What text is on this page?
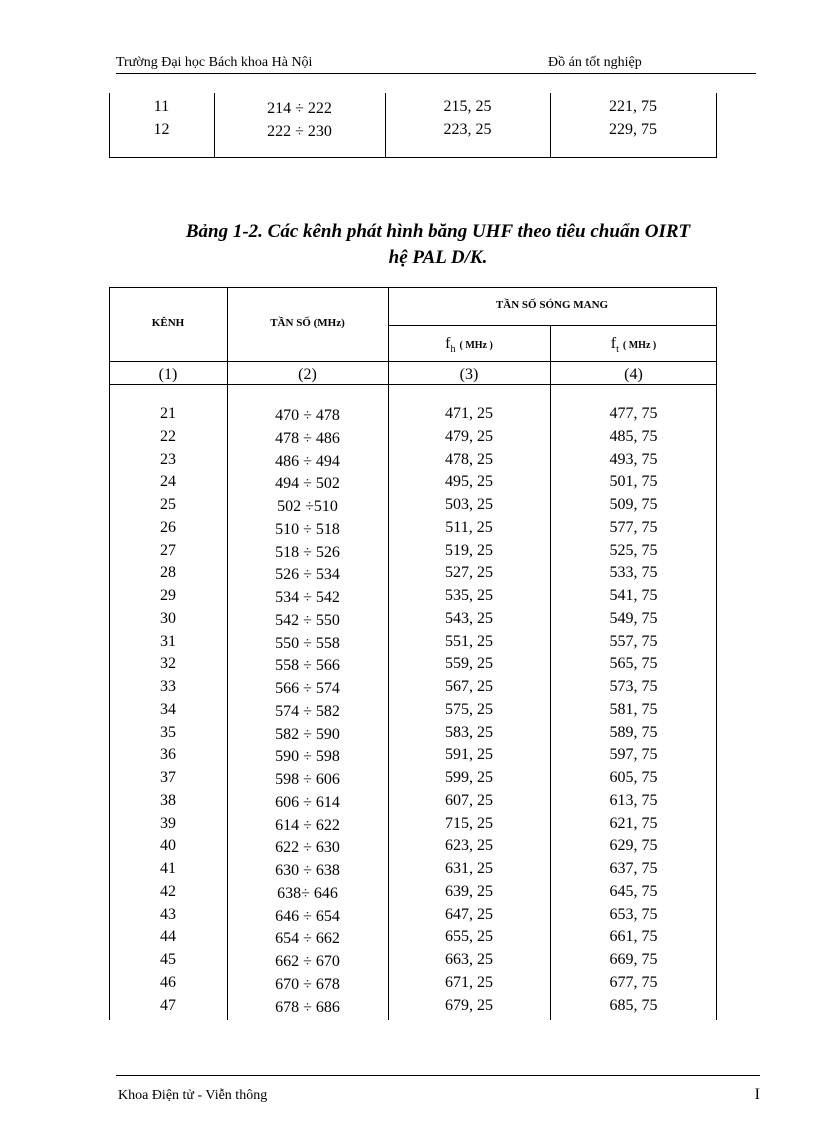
Trường Đại học Bách khoa Hà Nội	Đồ án tốt nghiệp
11	214 ÷ 222	215, 25	221, 75
12	222 ÷ 230	223, 25	229, 75
Bảng 1-2. Các kênh phát hình băng UHF theo tiêu chuẩn OIRT
hệ PAL D/K.
KÊNH	TẦN SỐ (MHz)
TẦN SỐ SÓNG MANG
$f_h$ ( MHz )	$f_t$ ( MHz )
(1)	(2)	(3)	(4)
21	470 ÷ 478	471, 25	477, 75
22	478 ÷ 486	479, 25	485, 75
23	486 ÷ 494	478, 25	493, 75
24	494 ÷ 502	495, 25	501, 75
25	502 ÷510	503, 25	509, 75
26	510 ÷ 518	511, 25	577, 75
27	518 ÷ 526	519, 25	525, 75
28	526 ÷ 534	527, 25	533, 75
29	534 ÷ 542	535, 25	541, 75
30	542 ÷ 550	543, 25	549, 75
31	550 ÷ 558	551, 25	557, 75
32	558 ÷ 566	559, 25	565, 75
33	566 ÷ 574	567, 25	573, 75
34	574 ÷ 582	575, 25	581, 75
35	582 ÷ 590	583, 25	589, 75
36	590 ÷ 598	591, 25	597, 75
37	598 ÷ 606	599, 25	605, 75
38	606 ÷ 614	607, 25	613, 75
39	614 ÷ 622	715, 25	621, 75
40	622 ÷ 630	623, 25	629, 75
41	630 ÷ 638	631, 25	637, 75
42	638÷ 646	639, 25	645, 75
43	646 ÷ 654	647, 25	653, 75
44	654 ÷ 662	655, 25	661, 75
45	662 ÷ 670	663, 25	669, 75
46	670 ÷ 678	671, 25	677, 75
47	678 ÷ 686	679, 25	685, 75
Khoa Điện tử - Viễn thông	I
